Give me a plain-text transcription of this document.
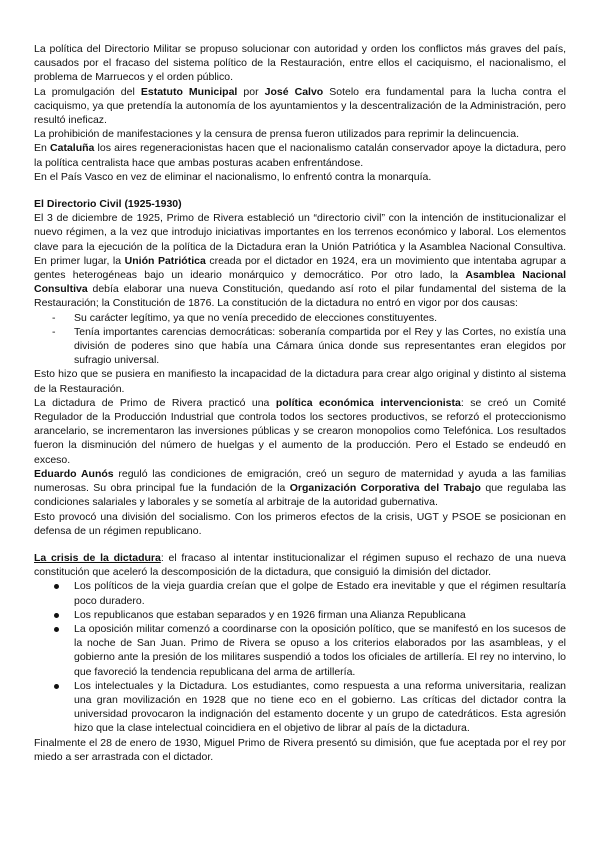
La política del Directorio Militar se propuso solucionar con autoridad y orden los conflictos más graves del país, causados por el fracaso del sistema político de la Restauración, entre ellos el caciquismo, el nacionalismo, el problema de Marruecos y el orden público.

La promulgación del Estatuto Municipal por José Calvo Sotelo era fundamental para la lucha contra el caciquismo, ya que pretendía la autonomía de los ayuntamientos y la descentralización de la Administración, pero resultó ineficaz.

La prohibición de manifestaciones y la censura de prensa fueron utilizados para reprimir la delincuencia.

En Cataluña los aires regeneracionistas hacen que el nacionalismo catalán conservador apoye la dictadura, pero la política centralista hace que ambas posturas acaben enfrentándose.

En el País Vasco en vez de eliminar el nacionalismo, lo enfrentó contra la monarquía.

El Directorio Civil (1925-1930)

El 3 de diciembre de 1925, Primo de Rivera estableció un “directorio civil” con la intención de institucionalizar el nuevo régimen, a la vez que introdujo iniciativas importantes en los terrenos económico y laboral. Los elementos clave para la ejecución de la política de la Dictadura eran la Unión Patriótica y la Asamblea Nacional Consultiva. En primer lugar, la Unión Patriótica creada por el dictador en 1924, era un movimiento que intentaba agrupar a gentes heterogéneas bajo un ideario monárquico y democrático. Por otro lado, la Asamblea Nacional Consultiva debía elaborar una nueva Constitución, quedando así roto el pilar fundamental del sistema de la Restauración; la Constitución de 1876. La constitución de la dictadura no entró en vigor por dos causas:

- Su carácter legítimo, ya que no venía precedido de elecciones constituyentes.
- Tenía importantes carencias democráticas: soberanía compartida por el Rey y las Cortes, no existía una división de poderes sino que había una Cámara única donde sus representantes eran elegidos por sufragio universal.

Esto hizo que se pusiera en manifiesto la incapacidad de la dictadura para crear algo original y distinto al sistema de la Restauración.

La dictadura de Primo de Rivera practicó una política económica intervencionista: se creó un Comité Regulador de la Producción Industrial que controla todos los sectores productivos, se reforzó el proteccionismo arancelario, se incrementaron las inversiones públicas y se crearon monopolios como Telefónica. Los resultados fueron la disminución del número de huelgas y el aumento de la producción. Pero el Estado se endeudó en exceso.

Eduardo Aunós reguló las condiciones de emigración, creó un seguro de maternidad y ayuda a las familias numerosas. Su obra principal fue la fundación de la Organización Corporativa del Trabajo que regulaba las condiciones salariales y laborales y se sometía al arbitraje de la autoridad gubernativa.

Esto provocó una división del socialismo. Con los primeros efectos de la crisis, UGT y PSOE se posicionan en defensa de un régimen republicano.

La crisis de la dictadura: el fracaso al intentar institucionalizar el régimen supuso el rechazo de una nueva constitución que aceleró la descomposición de la dictadura, que consiguió la dimisión del dictador.

Los políticos de la vieja guardia creían que el golpe de Estado era inevitable y que el régimen resultaría poco duradero.
Los republicanos que estaban separados y en 1926 firman una Alianza Republicana
La oposición militar comenzó a coordinarse con la oposición político, que se manifestó en los sucesos de la noche de San Juan. Primo de Rivera se opuso a los criterios elaborados por las asambleas, y el gobierno ante la presión de los militares suspendió a todos los oficiales de artillería. El rey no intervino, lo que favoreció la tendencia republicana del arma de artillería.
Los intelectuales y la Dictadura. Los estudiantes, como respuesta a una reforma universitaria, realizan una gran movilización en 1928 que no tiene eco en el gobierno. Las críticas del dictador contra la universidad provocaron la indignación del estamento docente y un grupo de catedráticos. Esta agresión hizo que la clase intelectual coincidiera en el objetivo de librar al país de la dictadura.

Finalmente el 28 de enero de 1930, Miguel Primo de Rivera presentó su dimisión, que fue aceptada por el rey por miedo a ser arrastrada con el dictador.
